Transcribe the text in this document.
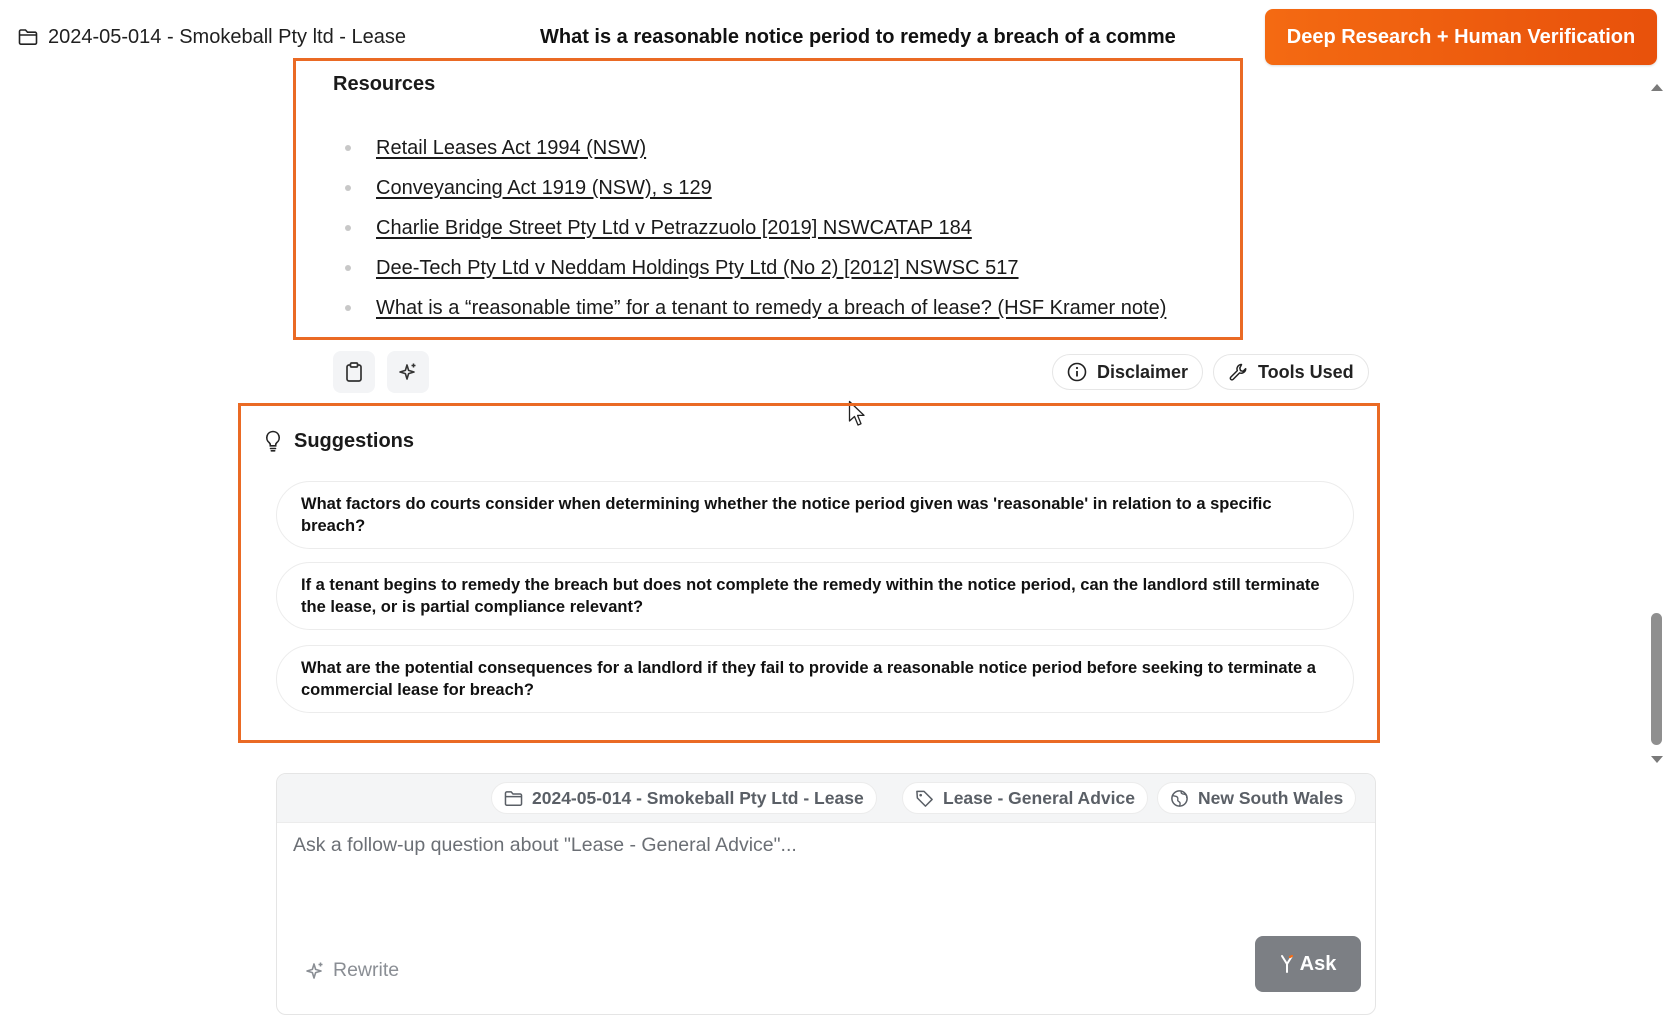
2024-05-014 - Smokeball Pty ltd - Lease	What is a reasonable notice period to remedy a breach of a comme	Deep Research + Human Verification
Resources
Retail Leases Act 1994 (NSW)
Conveyancing Act 1919 (NSW), s 129
Charlie Bridge Street Pty Ltd v Petrazzuolo [2019] NSWCATAP 184
Dee-Tech Pty Ltd v Neddam Holdings Pty Ltd (No 2) [2012] NSWSC 517
What is a “reasonable time” for a tenant to remedy a breach of lease? (HSF Kramer note)
Disclaimer	Tools Used
Suggestions
What factors do courts consider when determining whether the notice period given was 'reasonable' in relation to a specific breach?
If a tenant begins to remedy the breach but does not complete the remedy within the notice period, can the landlord still terminate the lease, or is partial compliance relevant?
What are the potential consequences for a landlord if they fail to provide a reasonable notice period before seeking to terminate a commercial lease for breach?
2024-05-014 - Smokeball Pty Ltd - Lease	Lease - General Advice	New South Wales
Ask a follow-up question about "Lease - General Advice"...
Rewrite	Ask
